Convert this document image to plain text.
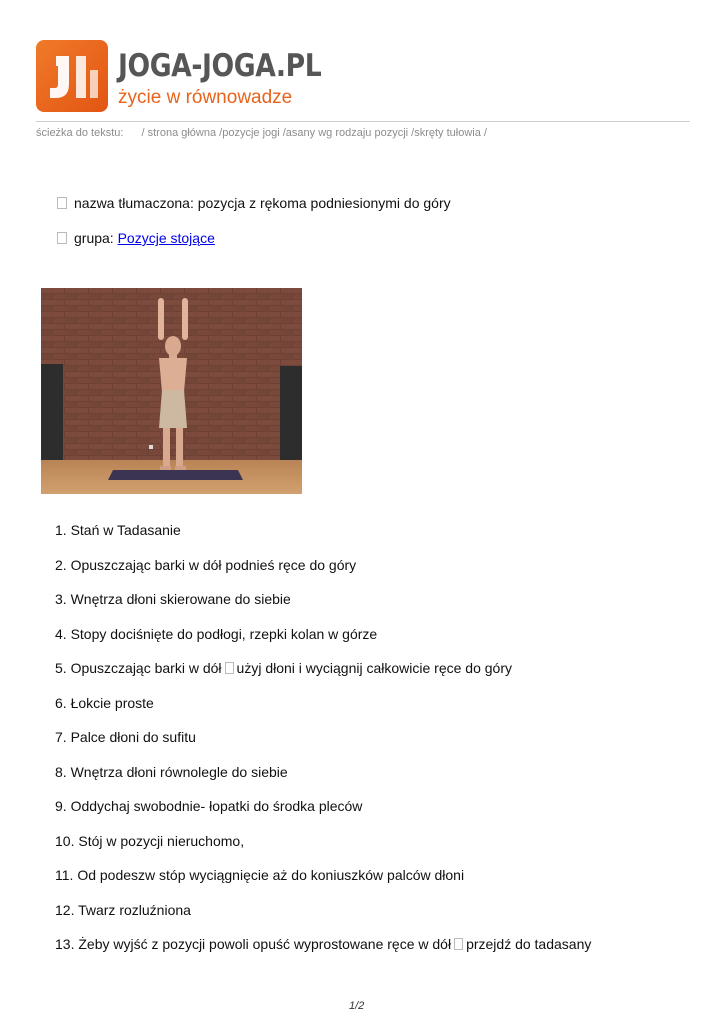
JOGA-JOGA.PL
życie w równowadze
ścieżka do tekstu: / strona główna /pozycje jogi /asany wg rodzaju pozycji /skręty tułowia /
nazwa tłumaczona: pozycja z rękoma podniesionymi do góry
grupa: Pozycje stojące
1. Stań w Tadasanie
2. Opuszczając barki w dół podnieś ręce do góry
3. Wnętrza dłoni skierowane do siebie
4. Stopy dociśnięte do podłogi, rzepki kolan w górze
5. Opuszczając barki w dół użyj dłoni i wyciągnij całkowicie ręce do góry
6. Łokcie proste
7. Palce dłoni do sufitu
8. Wnętrza dłoni równolegle do siebie
9. Oddychaj swobodnie- łopatki do środka pleców
10. Stój w pozycji nieruchomo,
11. Od podeszw stóp wyciągnięcie aż do koniuszków palców dłoni
12. Twarz rozluźniona
13. Żeby wyjść z pozycji powoli opuść wyprostowane ręce w dół przejdź do tadasany
1/2
